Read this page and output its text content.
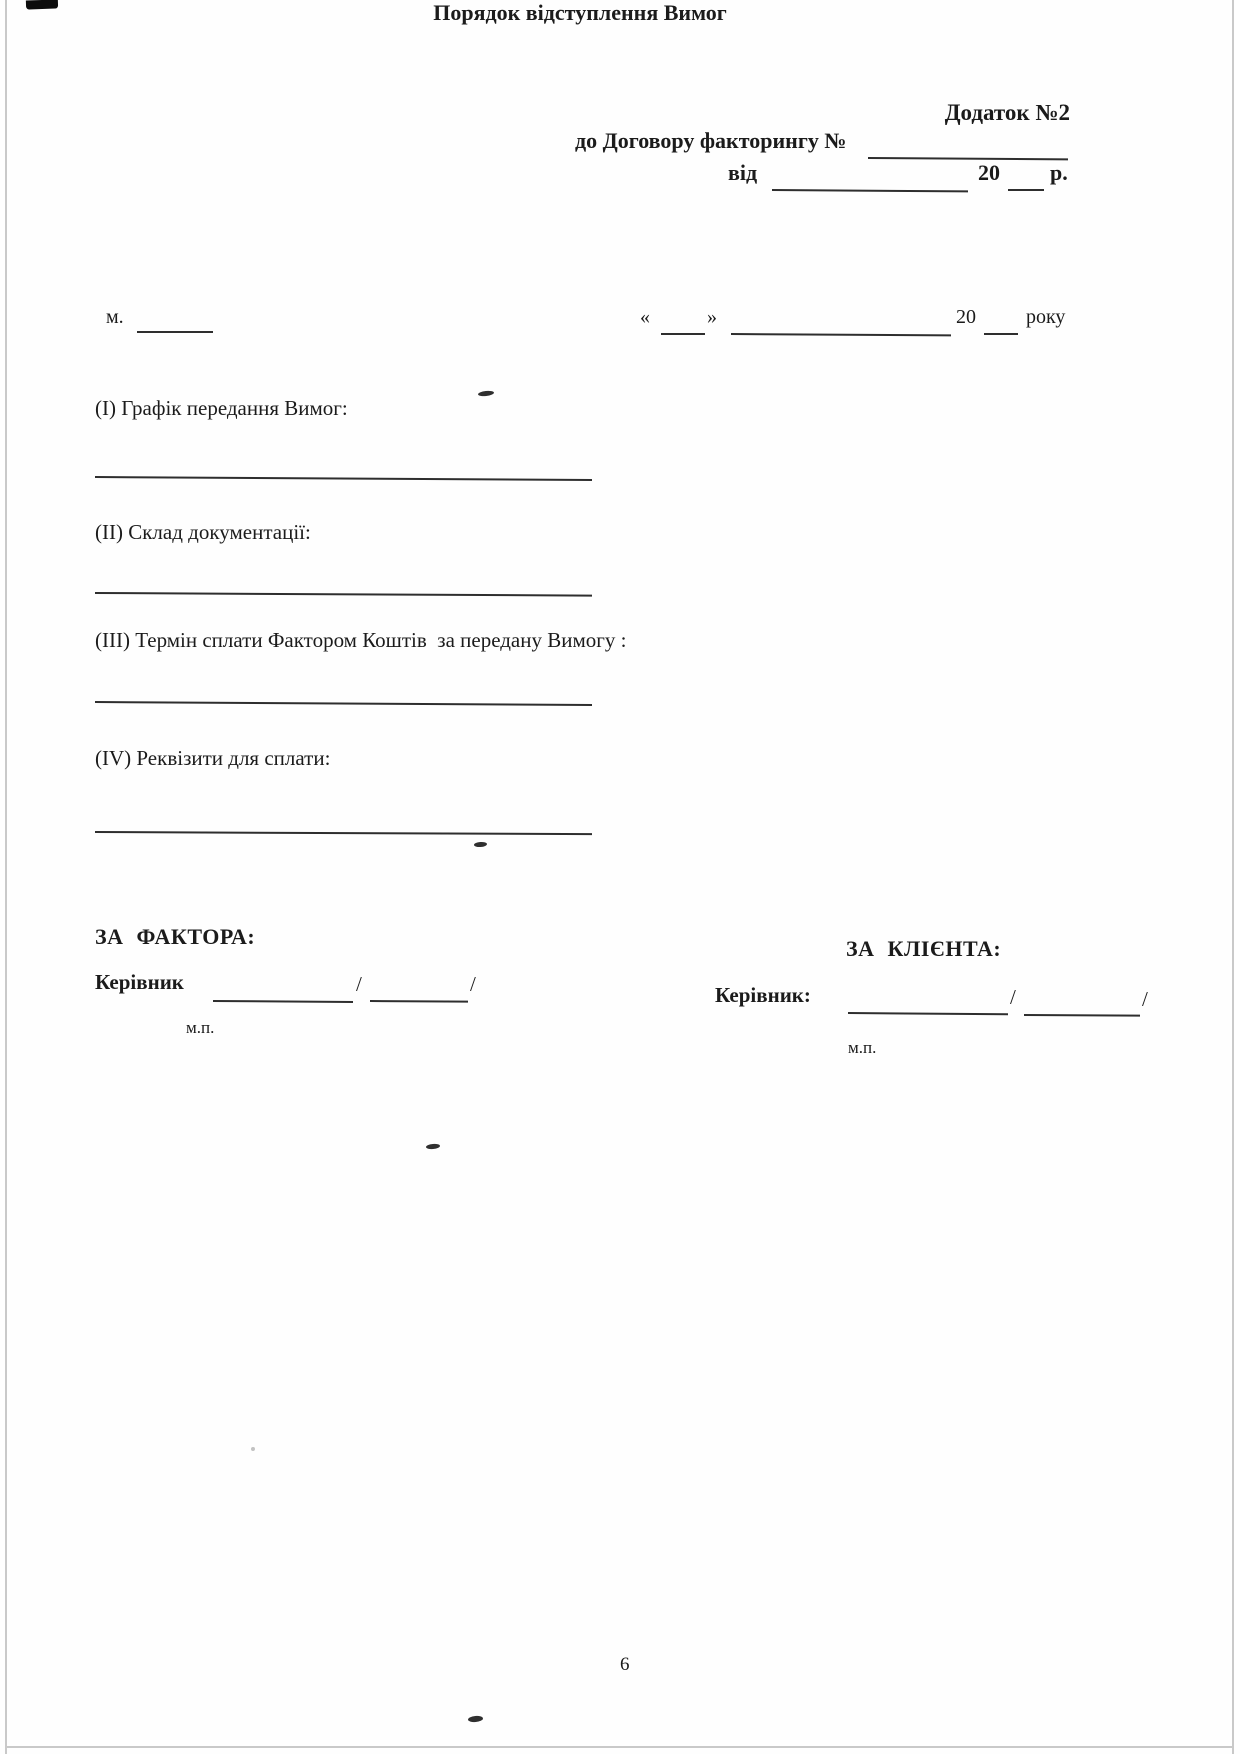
Додаток №2
до Договору факторингу №
від	20 р.
Порядок відступлення Вимог
м.	«	»	20	року
(I) Графік передання Вимог:
(II) Склад документації:
(III) Термін сплати Фактором Коштів  за передану Вимогу :
(IV) Реквізити для сплати:
ЗА ФАКТОРА:
Керівник	/	/
м.п.
ЗА КЛІЄНТА:
Керівник:	/	/
м.п.
6
